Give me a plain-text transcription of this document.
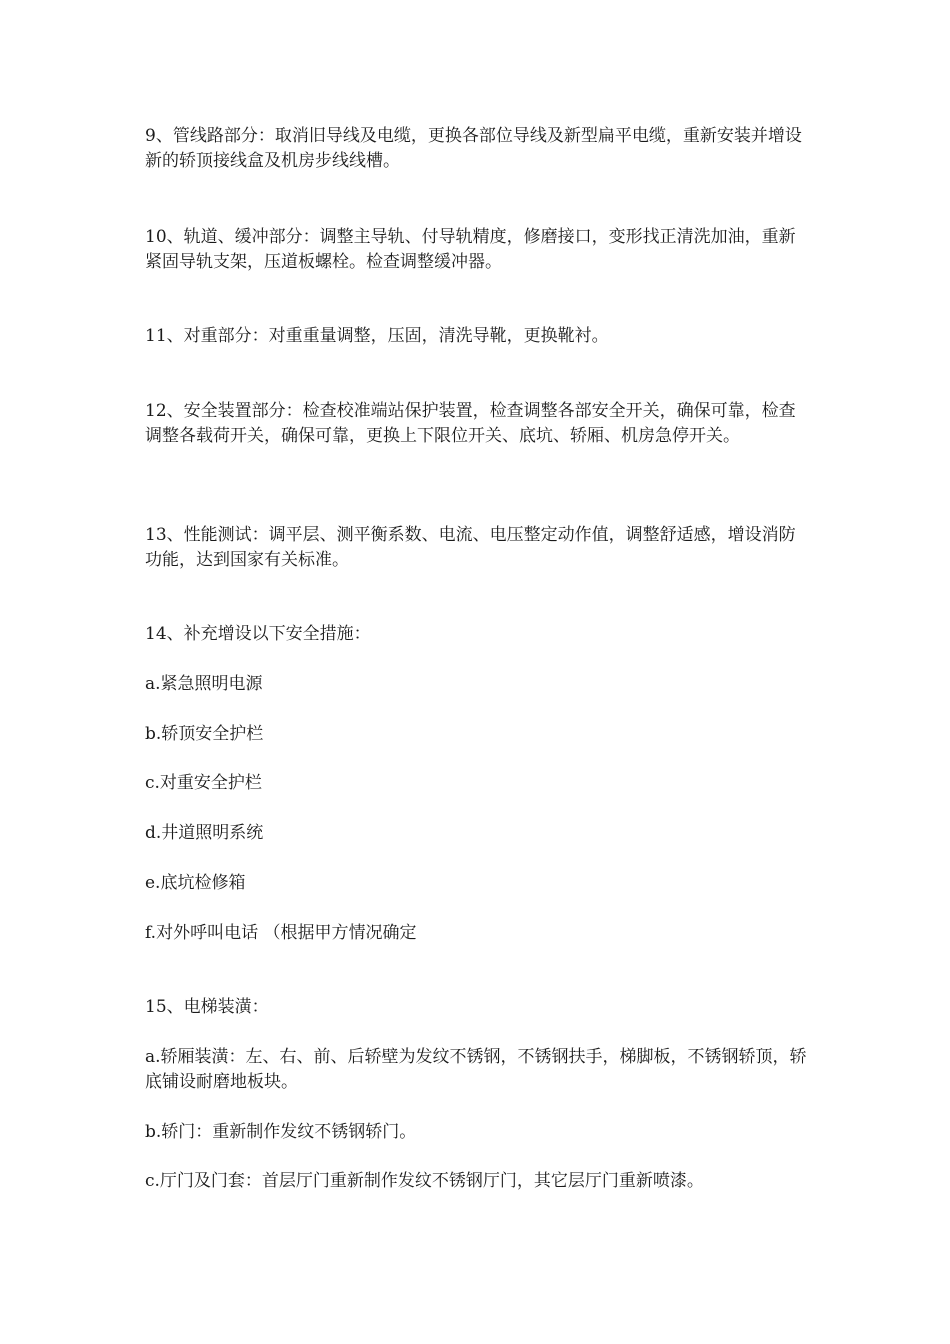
9、管线路部分：取消旧导线及电缆，更换各部位导线及新型扁平电缆，重新安装并增设新的轿顶接线盒及机房步线线槽。

10、轨道、缓冲部分：调整主导轨、付导轨精度，修磨接口，变形找正清洗加油，重新紧固导轨支架，压道板螺栓。检查调整缓冲器。

11、对重部分：对重重量调整，压固，清洗导靴，更换靴衬。

12、安全装置部分：检查校准端站保护装置，检查调整各部安全开关，确保可靠，检查调整各载荷开关，确保可靠，更换上下限位开关、底坑、轿厢、机房急停开关。

13、性能测试：调平层、测平衡系数、电流、电压整定动作值，调整舒适感，增设消防功能，达到国家有关标准。

14、补充增设以下安全措施：

a.紧急照明电源

b.轿顶安全护栏

c.对重安全护栏

d.井道照明系统

e.底坑检修箱

f.对外呼叫电话 （根据甲方情况确定

15、电梯装潢：

a.轿厢装潢：左、右、前、后轿壁为发纹不锈钢，不锈钢扶手，梯脚板，不锈钢轿顶，轿底铺设耐磨地板块。

b.轿门：重新制作发纹不锈钢轿门。

c.厅门及门套：首层厅门重新制作发纹不锈钢厅门，其它层厅门重新喷漆。
